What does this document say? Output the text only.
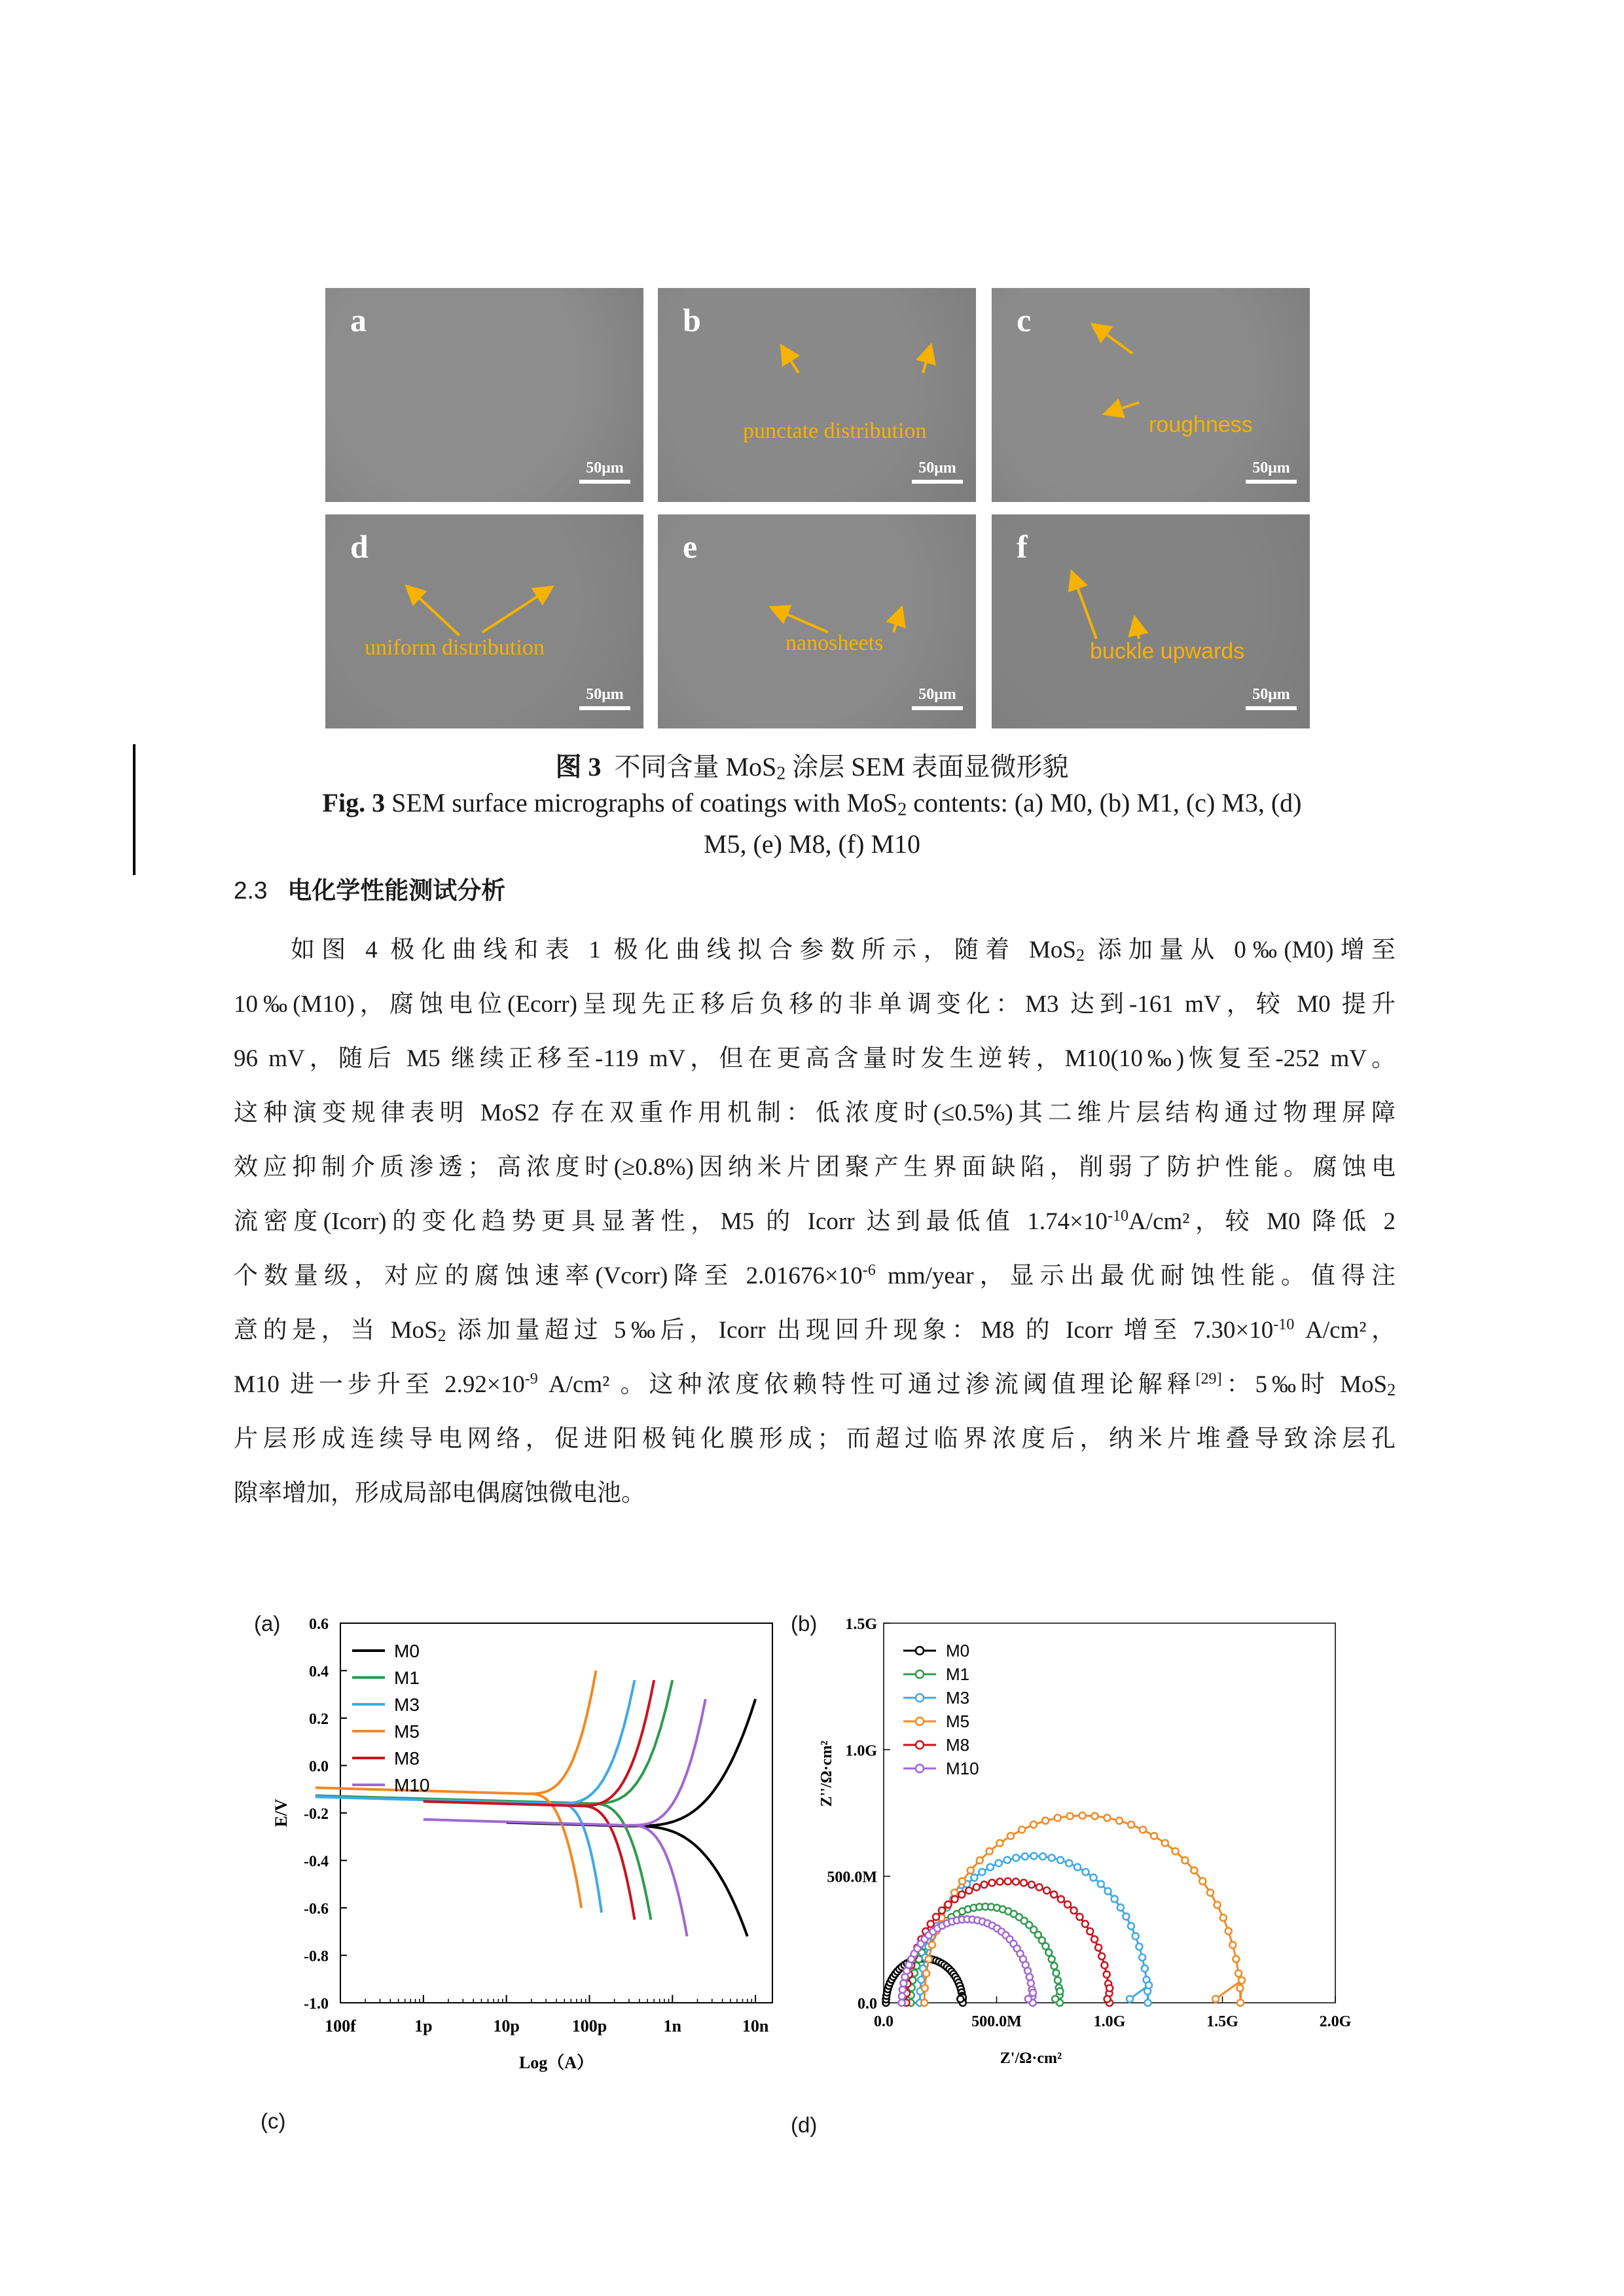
a
50μm
b
punctate distribution
50μm
c
roughness
50μm
d
uniform distribution
50μm
e
nanosheets
50μm
f
buckle upwards
50μm
图 3 不同含量 MoS$_2$ 涂层 SEM 表面显微形貌
Fig. 3 SEM surface micrographs of coatings with MoS$_2$ contents: (a) M0, (b) M1, (c) M3, (d)
M5, (e) M8, (f) M10
2.3 电化学性能测试分析

如图 4 极化曲线和表 1 极化曲线拟合参数所示，随着 MoS$_2$ 添加量从 0‰(M0)增至

10‰(M10)，腐蚀电位(Ecorr)呈现先正移后负移的非单调变化：M3 达到-161 mV，较 M0 提升

96 mV，随后 M5 继续正移至-119 mV，但在更高含量时发生逆转，M10(10‰)恢复至-252 mV。

这种演变规律表明 MoS2 存在双重作用机制：低浓度时(≤0.5%)其二维片层结构通过物理屏障

效应抑制介质渗透；高浓度时(≥0.8%)因纳米片团聚产生界面缺陷，削弱了防护性能。腐蚀电

流密度(Icorr)的变化趋势更具显著性，M5 的 Icorr 达到最低值 $1.74\times 10^{-10}A$/cm²，较 M0 降低 2

个数量级，对应的腐蚀速率(Vcorr)降至 $2.01676\times 10^{-6}$ mm/year，显示出最优耐蚀性能。值得注

意的是，当 MoS$_2$ 添加量超过 5‰后，Icorr 出现回升现象：M8 的 Icorr 增至 $7.30\times 10^{-10}$ A/cm²，

M10 进一步升至 $2.92\times 10^{-9}$ A/cm² 。这种浓度依赖特性可通过渗流阈值理论解释[29]：5‰时 MoS$_2$

片层形成连续导电网络，促进阳极钝化膜形成；而超过临界浓度后，纳米片堆叠导致涂层孔

隙率增加，形成局部电偶腐蚀微电池。

(a)	(b)
(c)	(d)
-1.0
-0.8
-0.6
-0.4
-0.2
0.0
0.2
0.4
0.6
100f	1p	10p	100p	1n	10n
Log（A）
E/V
M0
M1
M3
M5
M8
M10
0.0
500.0M
1.0G
1.5G
0.0	500.0M	1.0G	1.5G	2.0G
Z'/Ω·cm²
Z''/Ω·cm²
M0
M1
M3
M5
M8
M10
